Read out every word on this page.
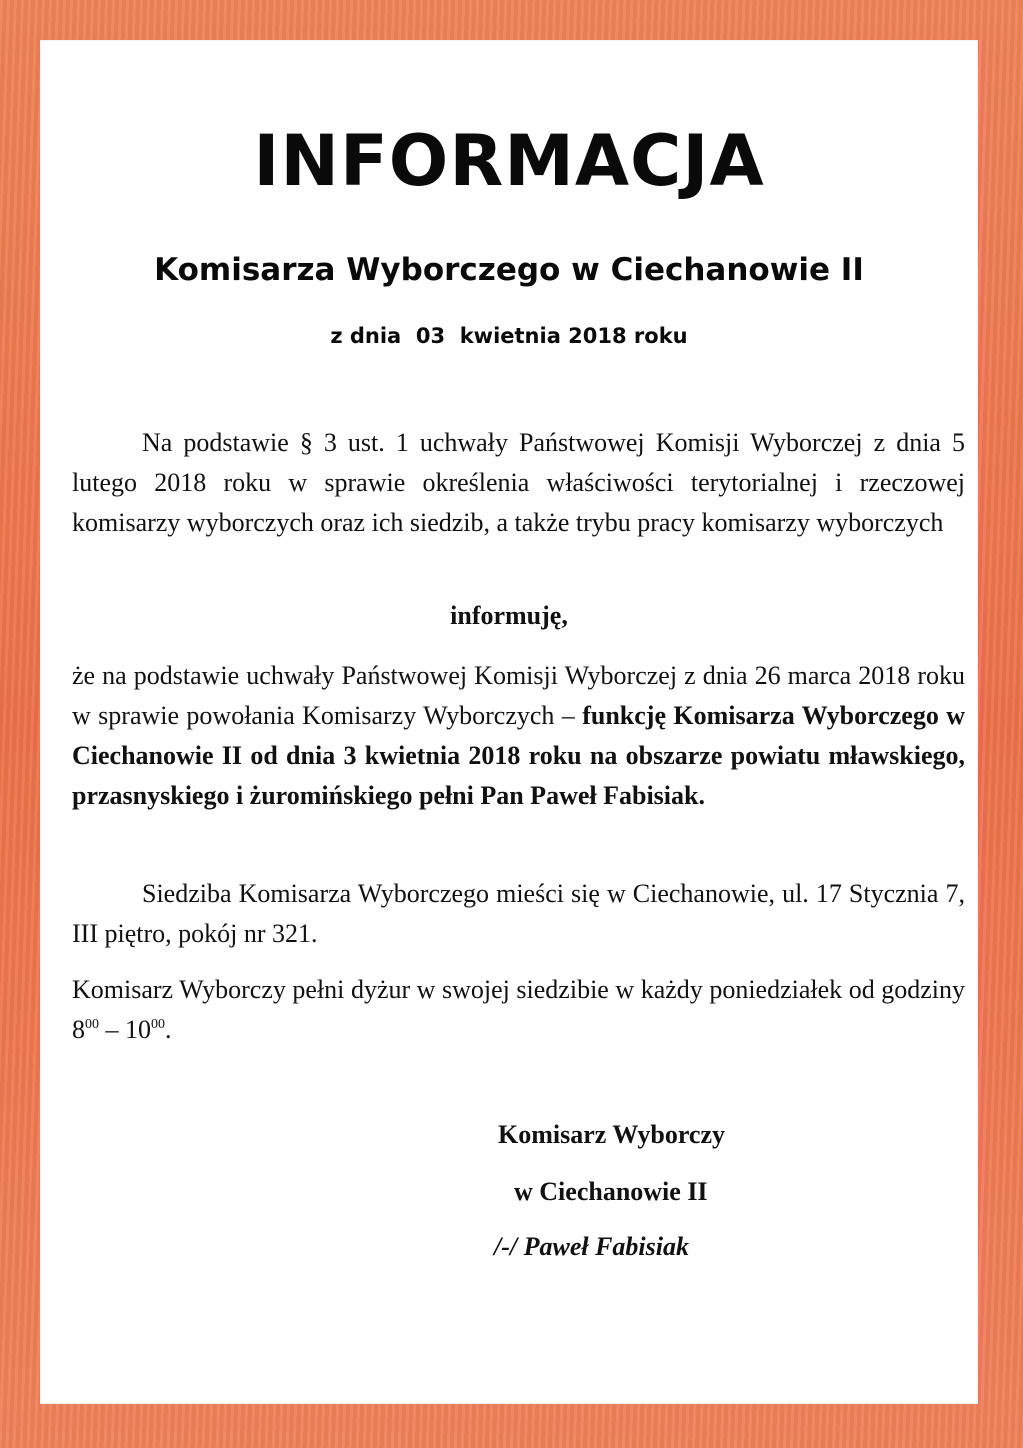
INFORMACJA
Komisarza Wyborczego w Ciechanowie II
z dnia  03  kwietnia 2018 roku
Na podstawie § 3 ust. 1 uchwały Państwowej Komisji Wyborczej z dnia 5 lutego 2018 roku w sprawie określenia właściwości terytorialnej i rzeczowej komisarzy wyborczych oraz ich siedzib, a także trybu pracy komisarzy wyborczych
informuję,
że na podstawie uchwały Państwowej Komisji Wyborczej z dnia 26 marca 2018 roku w sprawie powołania Komisarzy Wyborczych – funkcję Komisarza Wyborczego w Ciechanowie II od dnia 3 kwietnia 2018 roku na obszarze powiatu mławskiego, przasnyskiego i żuromińskiego pełni Pan Paweł Fabisiak.
Siedziba Komisarza Wyborczego mieści się w Ciechanowie, ul. 17 Stycznia 7, III piętro, pokój nr 321.
Komisarz Wyborczy pełni dyżur w swojej siedzibie w każdy poniedziałek od godziny $8^{00} - 10^{00}$.
Komisarz Wyborczy
w Ciechanowie II
/-/ Paweł Fabisiak
